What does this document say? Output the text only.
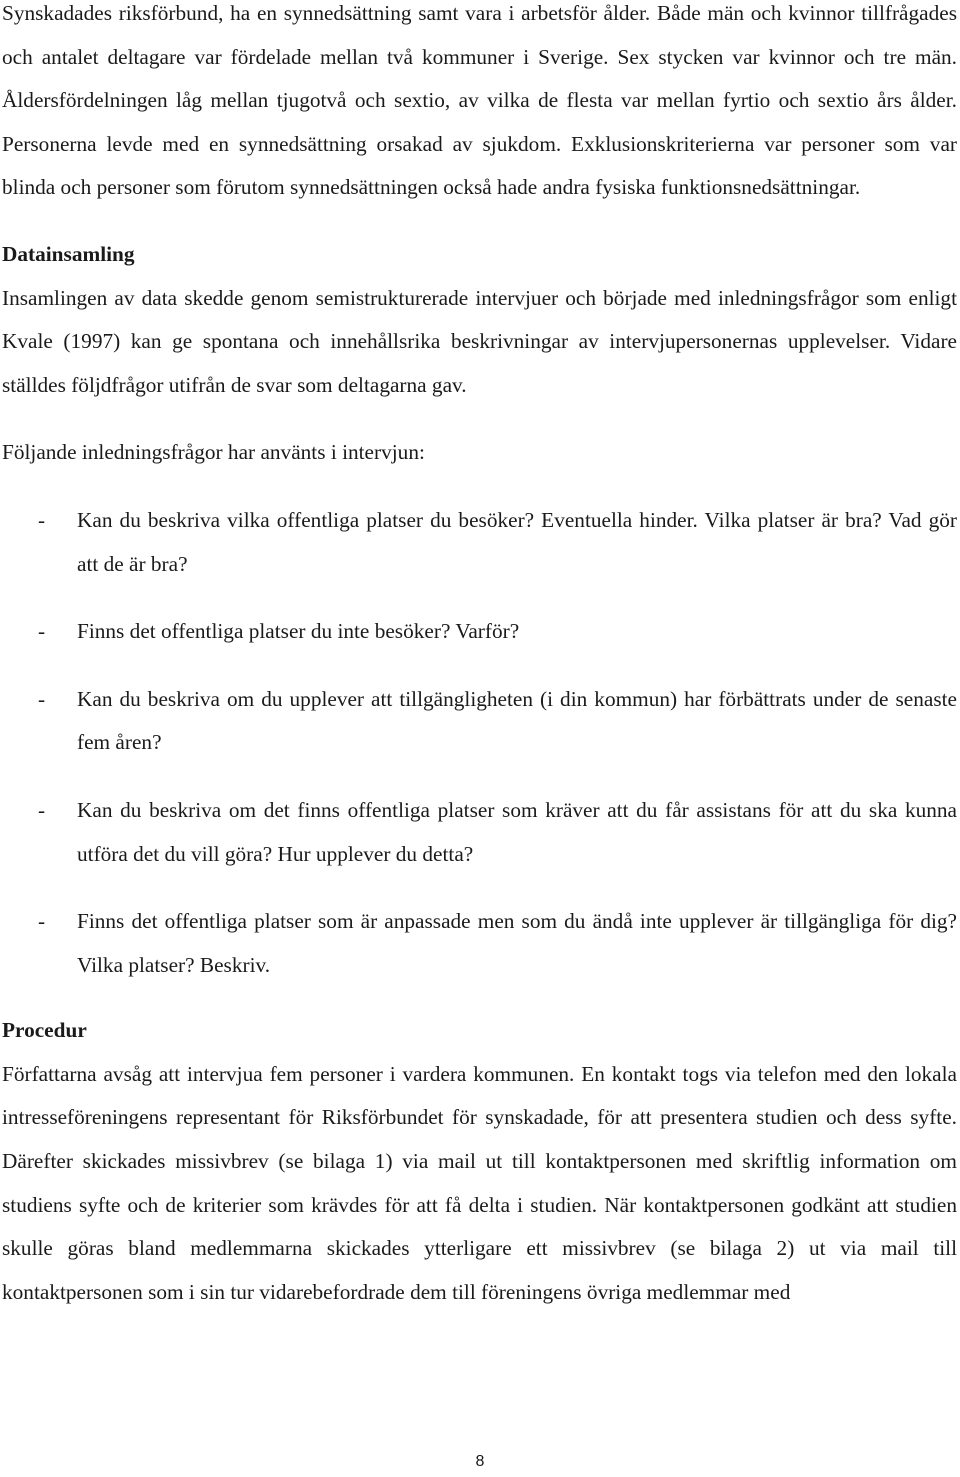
Synskadades riksförbund, ha en synnedsättning samt vara i arbetsför ålder. Både män och kvinnor tillfrågades och antalet deltagare var fördelade mellan två kommuner i Sverige. Sex stycken var kvinnor och tre män. Åldersfördelningen låg mellan tjugotvå och sextio, av vilka de flesta var mellan fyrtio och sextio års ålder. Personerna levde med en synnedsättning orsakad av sjukdom. Exklusionskriterierna var personer som var blinda och personer som förutom synnedsättningen också hade andra fysiska funktionsnedsättningar.

Datainsamling

Insamlingen av data skedde genom semistrukturerade intervjuer och började med inledningsfrågor som enligt Kvale (1997) kan ge spontana och innehållsrika beskrivningar av intervjupersonernas upplevelser. Vidare ställdes följdfrågor utifrån de svar som deltagarna gav.

Följande inledningsfrågor har använts i intervjun:

- Kan du beskriva vilka offentliga platser du besöker? Eventuella hinder. Vilka platser är bra? Vad gör att de är bra?
- Finns det offentliga platser du inte besöker? Varför?
- Kan du beskriva om du upplever att tillgängligheten (i din kommun) har förbättrats under de senaste fem åren?
- Kan du beskriva om det finns offentliga platser som kräver att du får assistans för att du ska kunna utföra det du vill göra? Hur upplever du detta?
- Finns det offentliga platser som är anpassade men som du ändå inte upplever är tillgängliga för dig? Vilka platser? Beskriv.
Procedur

Författarna avsåg att intervjua fem personer i vardera kommunen. En kontakt togs via telefon med den lokala intresseföreningens representant för Riksförbundet för synskadade, för att presentera studien och dess syfte. Därefter skickades missivbrev (se bilaga 1) via mail ut till kontaktpersonen med skriftlig information om studiens syfte och de kriterier som krävdes för att få delta i studien. När kontaktpersonen godkänt att studien skulle göras bland medlemmarna skickades ytterligare ett missivbrev (se bilaga 2) ut via mail till kontaktpersonen som i sin tur vidarebefordrade dem till föreningens övriga medlemmar med

8
